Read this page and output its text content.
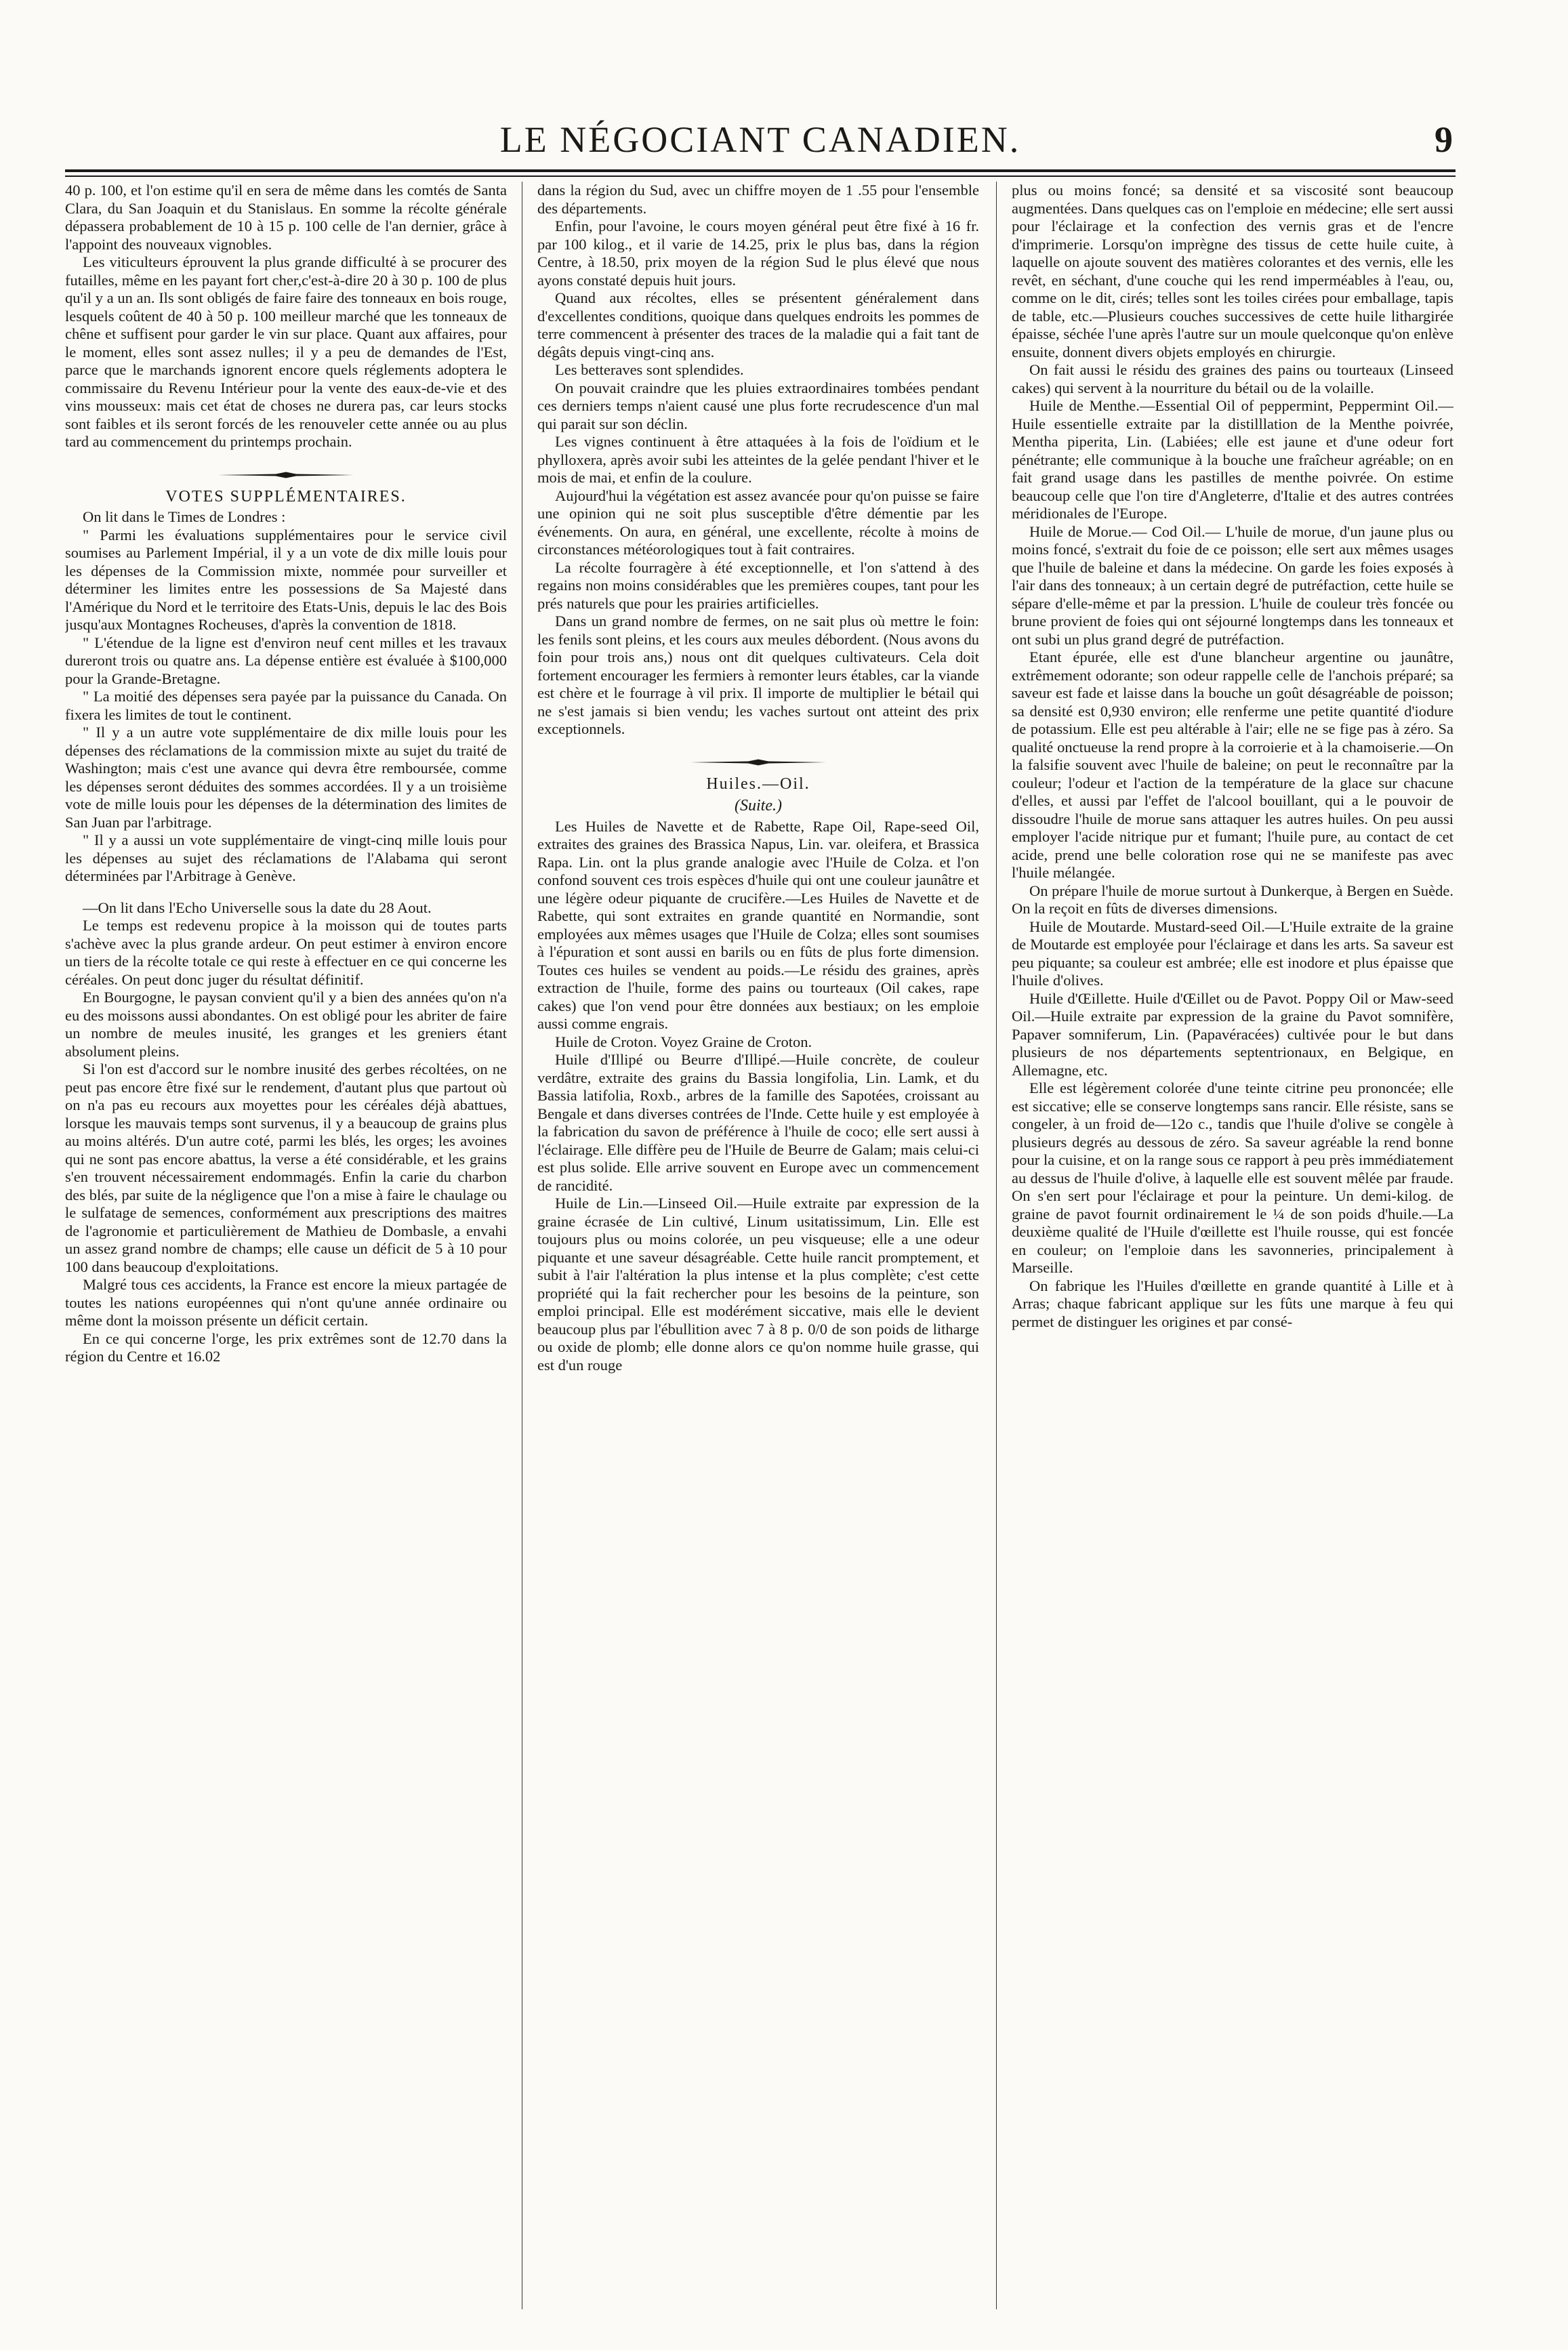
LE NÉGOCIANT CANADIEN.	9

40 p. 100, et l'on estime qu'il en sera de même dans les comtés de Santa Clara, du San Joaquin et du Stanislaus. En somme la récolte générale dépassera probablement de 10 à 15 p. 100 celle de l'an dernier, grâce à l'appoint des nouveaux vignobles.

Les viticulteurs éprouvent la plus grande difficulté à se procurer des futailles, même en les payant fort cher,c'est-à-dire 20 à 30 p. 100 de plus qu'il y a un an. Ils sont obligés de faire faire des tonneaux en bois rouge, lesquels coûtent de 40 à 50 p. 100 meilleur marché que les tonneaux de chêne et suffisent pour garder le vin sur place. Quant aux affaires, pour le moment, elles sont assez nulles; il y a peu de demandes de l'Est, parce que le marchands ignorent encore quels réglements adoptera le commissaire du Revenu Intérieur pour la vente des eaux-de-vie et des vins mousseux: mais cet état de choses ne durera pas, car leurs stocks sont faibles et ils seront forcés de les renouveler cette année ou au plus tard au commencement du printemps prochain.

VOTES SUPPLÉMENTAIRES.

On lit dans le Times de Londres :

" Parmi les évaluations supplémentaires pour le service civil soumises au Parlement Impérial, il y a un vote de dix mille louis pour les dépenses de la Commission mixte, nommée pour surveiller et déterminer les limites entre les possessions de Sa Majesté dans l'Amérique du Nord et le territoire des Etats-Unis, depuis le lac des Bois jusqu'aux Montagnes Rocheuses, d'après la convention de 1818.

" L'étendue de la ligne est d'environ neuf cent milles et les travaux dureront trois ou quatre ans. La dépense entière est évaluée à $100,000 pour la Grande-Bretagne.

" La moitié des dépenses sera payée par la puissance du Canada. On fixera les limites de tout le continent.

" Il y a un autre vote supplémentaire de dix mille louis pour les dépenses des réclamations de la commission mixte au sujet du traité de Washington; mais c'est une avance qui devra être remboursée, comme les dépenses seront déduites des sommes accordées. Il y a un troisième vote de mille louis pour les dépenses de la détermination des limites de San Juan par l'arbitrage.

" Il y a aussi un vote supplémentaire de vingt-cinq mille louis pour les dépenses au sujet des réclamations de l'Alabama qui seront déterminées par l'Arbitrage à Genève.

—On lit dans l'Echo Universelle sous la date du 28 Aout.

Le temps est redevenu propice à la moisson qui de toutes parts s'achève avec la plus grande ardeur. On peut estimer à environ encore un tiers de la récolte totale ce qui reste à effectuer en ce qui concerne les céréales. On peut donc juger du résultat définitif.

En Bourgogne, le paysan convient qu'il y a bien des années qu'on n'a eu des moissons aussi abondantes. On est obligé pour les abriter de faire un nombre de meules inusité, les granges et les greniers étant absolument pleins.

Si l'on est d'accord sur le nombre inusité des gerbes récoltées, on ne peut pas encore être fixé sur le rendement, d'autant plus que partout où on n'a pas eu recours aux moyettes pour les céréales déjà abattues, lorsque les mauvais temps sont survenus, il y a beaucoup de grains plus au moins altérés. D'un autre coté, parmi les blés, les orges; les avoines qui ne sont pas encore abattus, la verse a été considérable, et les grains s'en trouvent nécessairement endommagés. Enfin la carie du charbon des blés, par suite de la négligence que l'on a mise à faire le chaulage ou le sulfatage de semences, conformément aux prescriptions des maitres de l'agronomie et particulièrement de Mathieu de Dombasle, a envahi un assez grand nombre de champs; elle cause un déficit de 5 à 10 pour 100 dans beaucoup d'exploitations.

Malgré tous ces accidents, la France est encore la mieux partagée de toutes les nations européennes qui n'ont qu'une année ordinaire ou même dont la moisson présente un déficit certain.

En ce qui concerne l'orge, les prix extrêmes sont de 12.70 dans la région du Centre et 16.02

dans la région du Sud, avec un chiffre moyen de 1 .55 pour l'ensemble des départements.

Enfin, pour l'avoine, le cours moyen général peut être fixé à 16 fr. par 100 kilog., et il varie de 14.25, prix le plus bas, dans la région Centre, à 18.50, prix moyen de la région Sud le plus élevé que nous ayons constaté depuis huit jours.

Quand aux récoltes, elles se présentent généralement dans d'excellentes conditions, quoique dans quelques endroits les pommes de terre commencent à présenter des traces de la maladie qui a fait tant de dégâts depuis vingt-cinq ans.

Les betteraves sont splendides.

On pouvait craindre que les pluies extraordinaires tombées pendant ces derniers temps n'aient causé une plus forte recrudescence d'un mal qui parait sur son déclin.

Les vignes continuent à être attaquées à la fois de l'oïdium et le phylloxera, après avoir subi les atteintes de la gelée pendant l'hiver et le mois de mai, et enfin de la coulure.

Aujourd'hui la végétation est assez avancée pour qu'on puisse se faire une opinion qui ne soit plus susceptible d'être démentie par les événements. On aura, en général, une excellente, récolte à moins de circonstances météorologiques tout à fait contraires.

La récolte fourragère à été exceptionnelle, et l'on s'attend à des regains non moins considérables que les premières coupes, tant pour les prés naturels que pour les prairies artificielles.

Dans un grand nombre de fermes, on ne sait plus où mettre le foin: les fenils sont pleins, et les cours aux meules débordent. (Nous avons du foin pour trois ans,) nous ont dit quelques cultivateurs. Cela doit fortement encourager les fermiers à remonter leurs étables, car la viande est chère et le fourrage à vil prix. Il importe de multiplier le bétail qui ne s'est jamais si bien vendu; les vaches surtout ont atteint des prix exceptionnels.

Huiles.—Oil.

(Suite.)

Les Huiles de Navette et de Rabette, Rape Oil, Rape-seed Oil, extraites des graines des Brassica Napus, Lin. var. oleifera, et Brassica Rapa. Lin. ont la plus grande analogie avec l'Huile de Colza. et l'on confond souvent ces trois espèces d'huile qui ont une couleur jaunâtre et une légère odeur piquante de crucifère.—Les Huiles de Navette et de Rabette, qui sont extraites en grande quantité en Normandie, sont employées aux mêmes usages que l'Huile de Colza; elles sont soumises à l'épuration et sont aussi en barils ou en fûts de plus forte dimension. Toutes ces huiles se vendent au poids.—Le résidu des graines, après extraction de l'huile, forme des pains ou tourteaux (Oil cakes, rape cakes) que l'on vend pour être données aux bestiaux; on les emploie aussi comme engrais.

Huile de Croton. Voyez Graine de Croton.

Huile d'Illipé ou Beurre d'Illipé.—Huile concrète, de couleur verdâtre, extraite des grains du Bassia longifolia, Lin. Lamk, et du Bassia latifolia, Roxb., arbres de la famille des Sapotées, croissant au Bengale et dans diverses contrées de l'Inde. Cette huile y est employée à la fabrication du savon de préférence à l'huile de coco; elle sert aussi à l'éclairage. Elle diffère peu de l'Huile de Beurre de Galam; mais celui-ci est plus solide. Elle arrive souvent en Europe avec un commencement de rancidité.

Huile de Lin.—Linseed Oil.—Huile extraite par expression de la graine écrasée de Lin cultivé, Linum usitatissimum, Lin. Elle est toujours plus ou moins colorée, un peu visqueuse; elle a une odeur piquante et une saveur désagréable. Cette huile rancit promptement, et subit à l'air l'altération la plus intense et la plus complète; c'est cette propriété qui la fait rechercher pour les besoins de la peinture, son emploi principal. Elle est modérément siccative, mais elle le devient beaucoup plus par l'ébullition avec 7 à 8 p. 0/0 de son poids de litharge ou oxide de plomb; elle donne alors ce qu'on nomme huile grasse, qui est d'un rouge

plus ou moins foncé; sa densité et sa viscosité sont beaucoup augmentées. Dans quelques cas on l'emploie en médecine; elle sert aussi pour l'éclairage et la confection des vernis gras et de l'encre d'imprimerie. Lorsqu'on imprègne des tissus de cette huile cuite, à laquelle on ajoute souvent des matières colorantes et des vernis, elle les revêt, en séchant, d'une couche qui les rend imperméables à l'eau, ou, comme on le dit, cirés; telles sont les toiles cirées pour emballage, tapis de table, etc.—Plusieurs couches successives de cette huile lithargirée épaisse, séchée l'une après l'autre sur un moule quelconque qu'on enlève ensuite, donnent divers objets employés en chirurgie.

On fait aussi le résidu des graines des pains ou tourteaux (Linseed cakes) qui servent à la nourriture du bétail ou de la volaille.

Huile de Menthe.—Essential Oil of peppermint, Peppermint Oil.—Huile essentielle extraite par la distilllation de la Menthe poivrée, Mentha piperita, Lin. (Labiées; elle est jaune et d'une odeur fort pénétrante; elle communique à la bouche une fraîcheur agréable; on en fait grand usage dans les pastilles de menthe poivrée. On estime beaucoup celle que l'on tire d'Angleterre, d'Italie et des autres contrées méridionales de l'Europe.

Huile de Morue.— Cod Oil.— L'huile de morue, d'un jaune plus ou moins foncé, s'extrait du foie de ce poisson; elle sert aux mêmes usages que l'huile de baleine et dans la médecine. On garde les foies exposés à l'air dans des tonneaux; à un certain degré de putréfaction, cette huile se sépare d'elle-même et par la pression. L'huile de couleur très foncée ou brune provient de foies qui ont séjourné longtemps dans les tonneaux et ont subi un plus grand degré de putréfaction.

Etant épurée, elle est d'une blancheur argentine ou jaunâtre, extrêmement odorante; son odeur rappelle celle de l'anchois préparé; sa saveur est fade et laisse dans la bouche un goût désagréable de poisson; sa densité est 0,930 environ; elle renferme une petite quantité d'iodure de potassium. Elle est peu altérable à l'air; elle ne se fige pas à zéro. Sa qualité onctueuse la rend propre à la corroierie et à la chamoiserie.—On la falsifie souvent avec l'huile de baleine; on peut le reconnaître par la couleur; l'odeur et l'action de la température de la glace sur chacune d'elles, et aussi par l'effet de l'alcool bouillant, qui a le pouvoir de dissoudre l'huile de morue sans attaquer les autres huiles. On peu aussi employer l'acide nitrique pur et fumant; l'huile pure, au contact de cet acide, prend une belle coloration rose qui ne se manifeste pas avec l'huile mélangée.

On prépare l'huile de morue surtout à Dunkerque, à Bergen en Suède. On la reçoit en fûts de diverses dimensions.

Huile de Moutarde. Mustard-seed Oil.—L'Huile extraite de la graine de Moutarde est employée pour l'éclairage et dans les arts. Sa saveur est peu piquante; sa couleur est ambrée; elle est inodore et plus épaisse que l'huile d'olives.

Huile d'Œillette. Huile d'Œillet ou de Pavot. Poppy Oil or Maw-seed Oil.—Huile extraite par expression de la graine du Pavot somnifère, Papaver somniferum, Lin. (Papavéracées) cultivée pour le but dans plusieurs de nos départements septentrionaux, en Belgique, en Allemagne, etc.

Elle est légèrement colorée d'une teinte citrine peu prononcée; elle est siccative; elle se conserve longtemps sans rancir. Elle résiste, sans se congeler, à un froid de—12o c., tandis que l'huile d'olive se congèle à plusieurs degrés au dessous de zéro. Sa saveur agréable la rend bonne pour la cuisine, et on la range sous ce rapport à peu près immédiatement au dessus de l'huile d'olive, à laquelle elle est souvent mêlée par fraude. On s'en sert pour l'éclairage et pour la peinture. Un demi-kilog. de graine de pavot fournit ordinairement le ¼ de son poids d'huile.—La deuxième qualité de l'Huile d'œillette est l'huile rousse, qui est foncée en couleur; on l'emploie dans les savonneries, principalement à Marseille.

On fabrique les l'Huiles d'œillette en grande quantité à Lille et à Arras; chaque fabricant applique sur les fûts une marque à feu qui permet de distinguer les origines et par consé-
